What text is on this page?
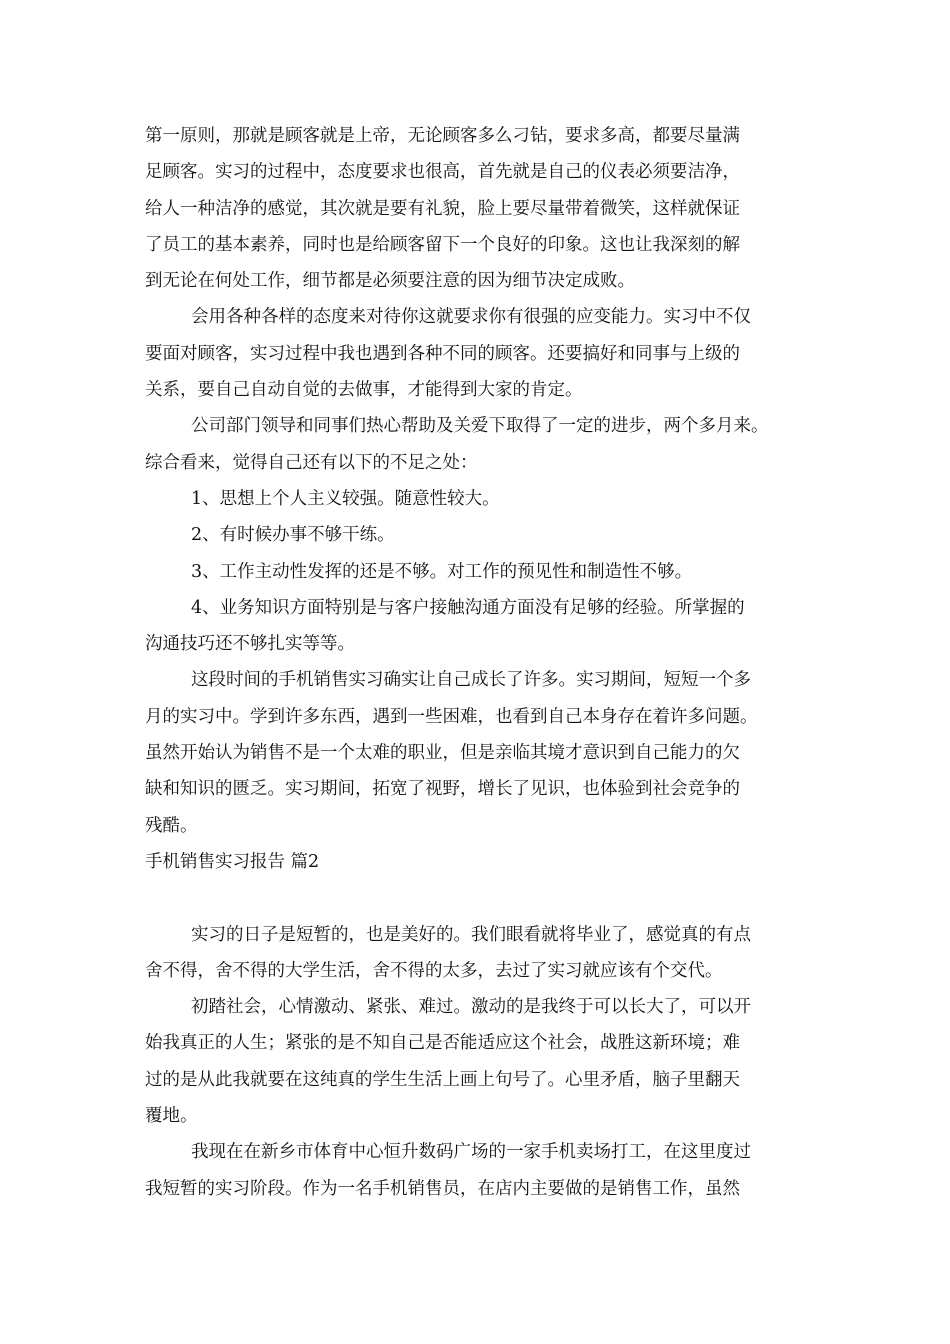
第一原则，那就是顾客就是上帝，无论顾客多么刁钻，要求多高，都要尽量满
足顾客。实习的过程中，态度要求也很高，首先就是自己的仪表必须要洁净，
给人一种洁净的感觉，其次就是要有礼貌，脸上要尽量带着微笑，这样就保证
了员工的基本素养，同时也是给顾客留下一个良好的印象。这也让我深刻的解
到无论在何处工作，细节都是必须要注意的因为细节决定成败。
会用各种各样的态度来对待你这就要求你有很强的应变能力。实习中不仅
要面对顾客，实习过程中我也遇到各种不同的顾客。还要搞好和同事与上级的
关系，要自己自动自觉的去做事，才能得到大家的肯定。
公司部门领导和同事们热心帮助及关爱下取得了一定的进步，两个多月来。
综合看来，觉得自己还有以下的不足之处：
1、思想上个人主义较强。随意性较大。
2、有时候办事不够干练。
3、工作主动性发挥的还是不够。对工作的预见性和制造性不够。
4、业务知识方面特别是与客户接触沟通方面没有足够的经验。所掌握的
沟通技巧还不够扎实等等。
这段时间的手机销售实习确实让自己成长了许多。实习期间，短短一个多
月的实习中。学到许多东西，遇到一些困难，也看到自己本身存在着许多问题。
虽然开始认为销售不是一个太难的职业，但是亲临其境才意识到自己能力的欠
缺和知识的匮乏。实习期间，拓宽了视野，增长了见识，也体验到社会竞争的
残酷。
手机销售实习报告 篇2
实习的日子是短暂的，也是美好的。我们眼看就将毕业了，感觉真的有点
舍不得，舍不得的大学生活，舍不得的太多，去过了实习就应该有个交代。
初踏社会，心情激动、紧张、难过。激动的是我终于可以长大了，可以开
始我真正的人生；紧张的是不知自己是否能适应这个社会，战胜这新环境；难
过的是从此我就要在这纯真的学生生活上画上句号了。心里矛盾，脑子里翻天
覆地。
我现在在新乡市体育中心恒升数码广场的一家手机卖场打工，在这里度过
我短暂的实习阶段。作为一名手机销售员，在店内主要做的是销售工作，虽然
